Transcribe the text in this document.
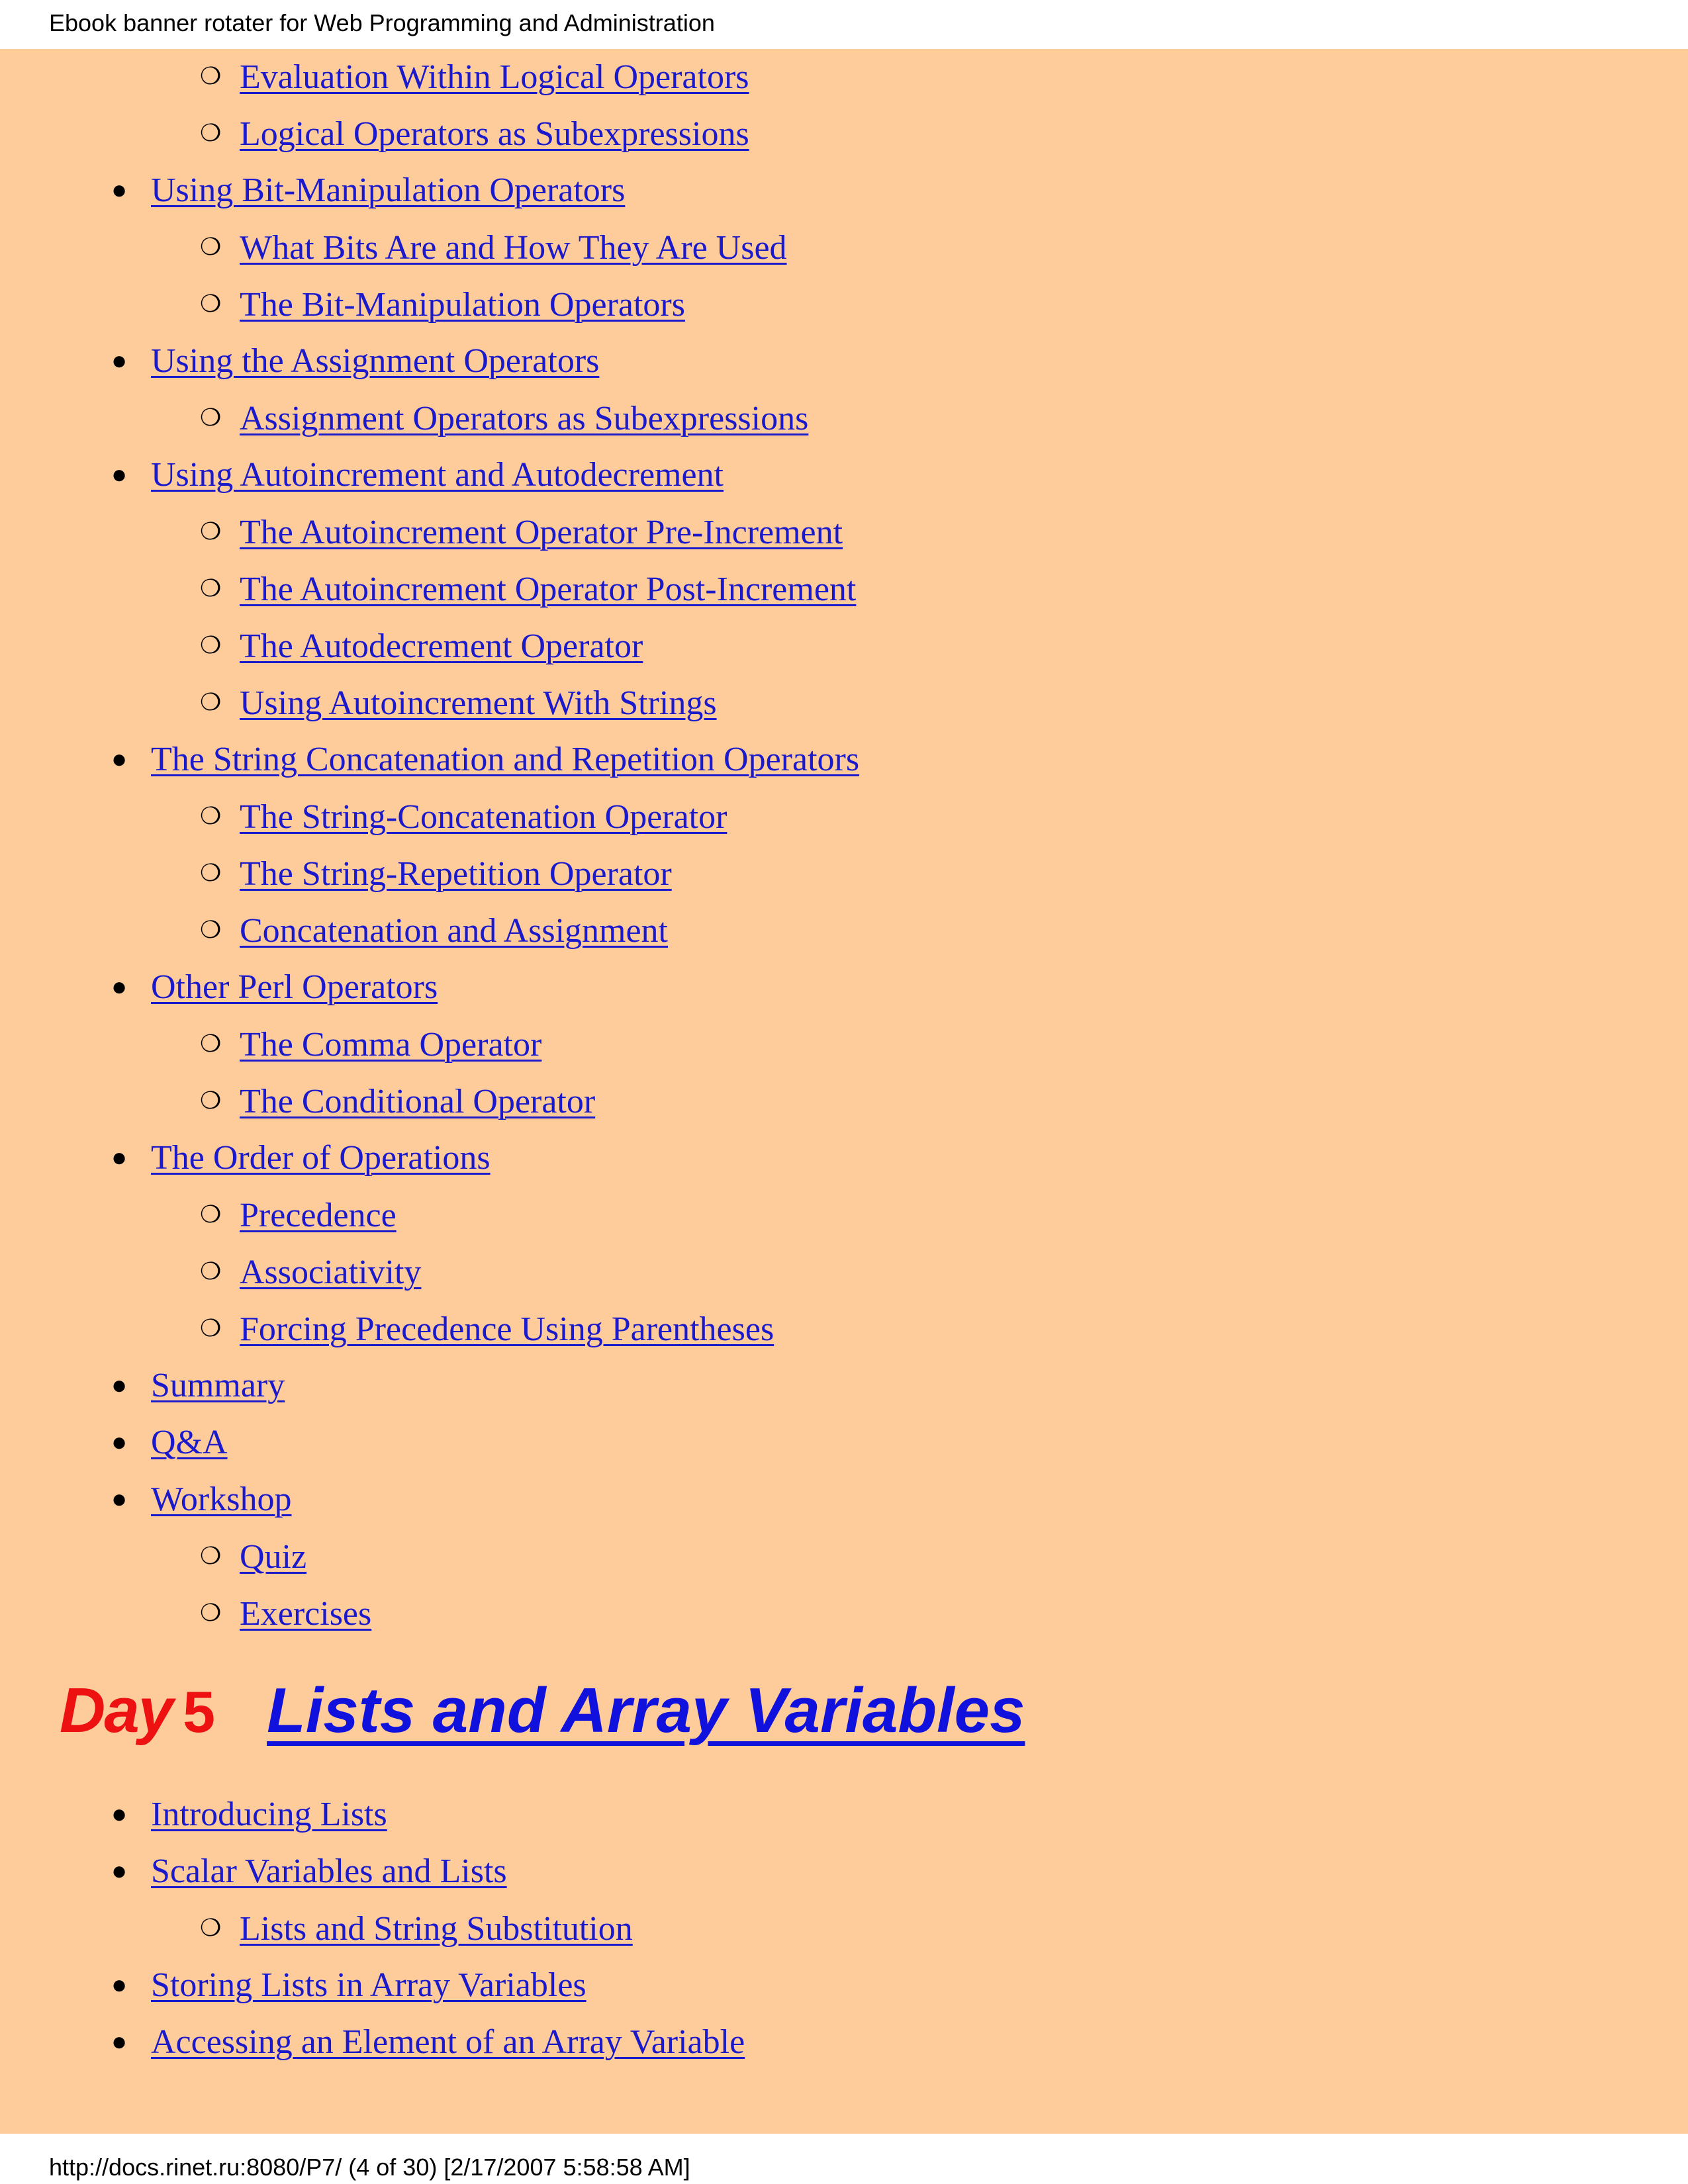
Ebook banner rotater for Web Programming and Administration
❍Evaluation Within Logical Operators
❍Logical Operators as Subexpressions
●Using Bit-Manipulation Operators
❍What Bits Are and How They Are Used
❍The Bit-Manipulation Operators
●Using the Assignment Operators
❍Assignment Operators as Subexpressions
●Using Autoincrement and Autodecrement
❍The Autoincrement Operator Pre-Increment
❍The Autoincrement Operator Post-Increment
❍The Autodecrement Operator
❍Using Autoincrement With Strings
●The String Concatenation and Repetition Operators
❍The String-Concatenation Operator
❍The String-Repetition Operator
❍Concatenation and Assignment
●Other Perl Operators
❍The Comma Operator
❍The Conditional Operator
●The Order of Operations
❍Precedence
❍Associativity
❍Forcing Precedence Using Parentheses
●Summary
●Q&A
●Workshop
❍Quiz
❍Exercises
Day 5 Lists and Array Variables
●Introducing Lists
●Scalar Variables and Lists
❍Lists and String Substitution
●Storing Lists in Array Variables
●Accessing an Element of an Array Variable
http://docs.rinet.ru:8080/P7/ (4 of 30) [2/17/2007 5:58:58 AM]
